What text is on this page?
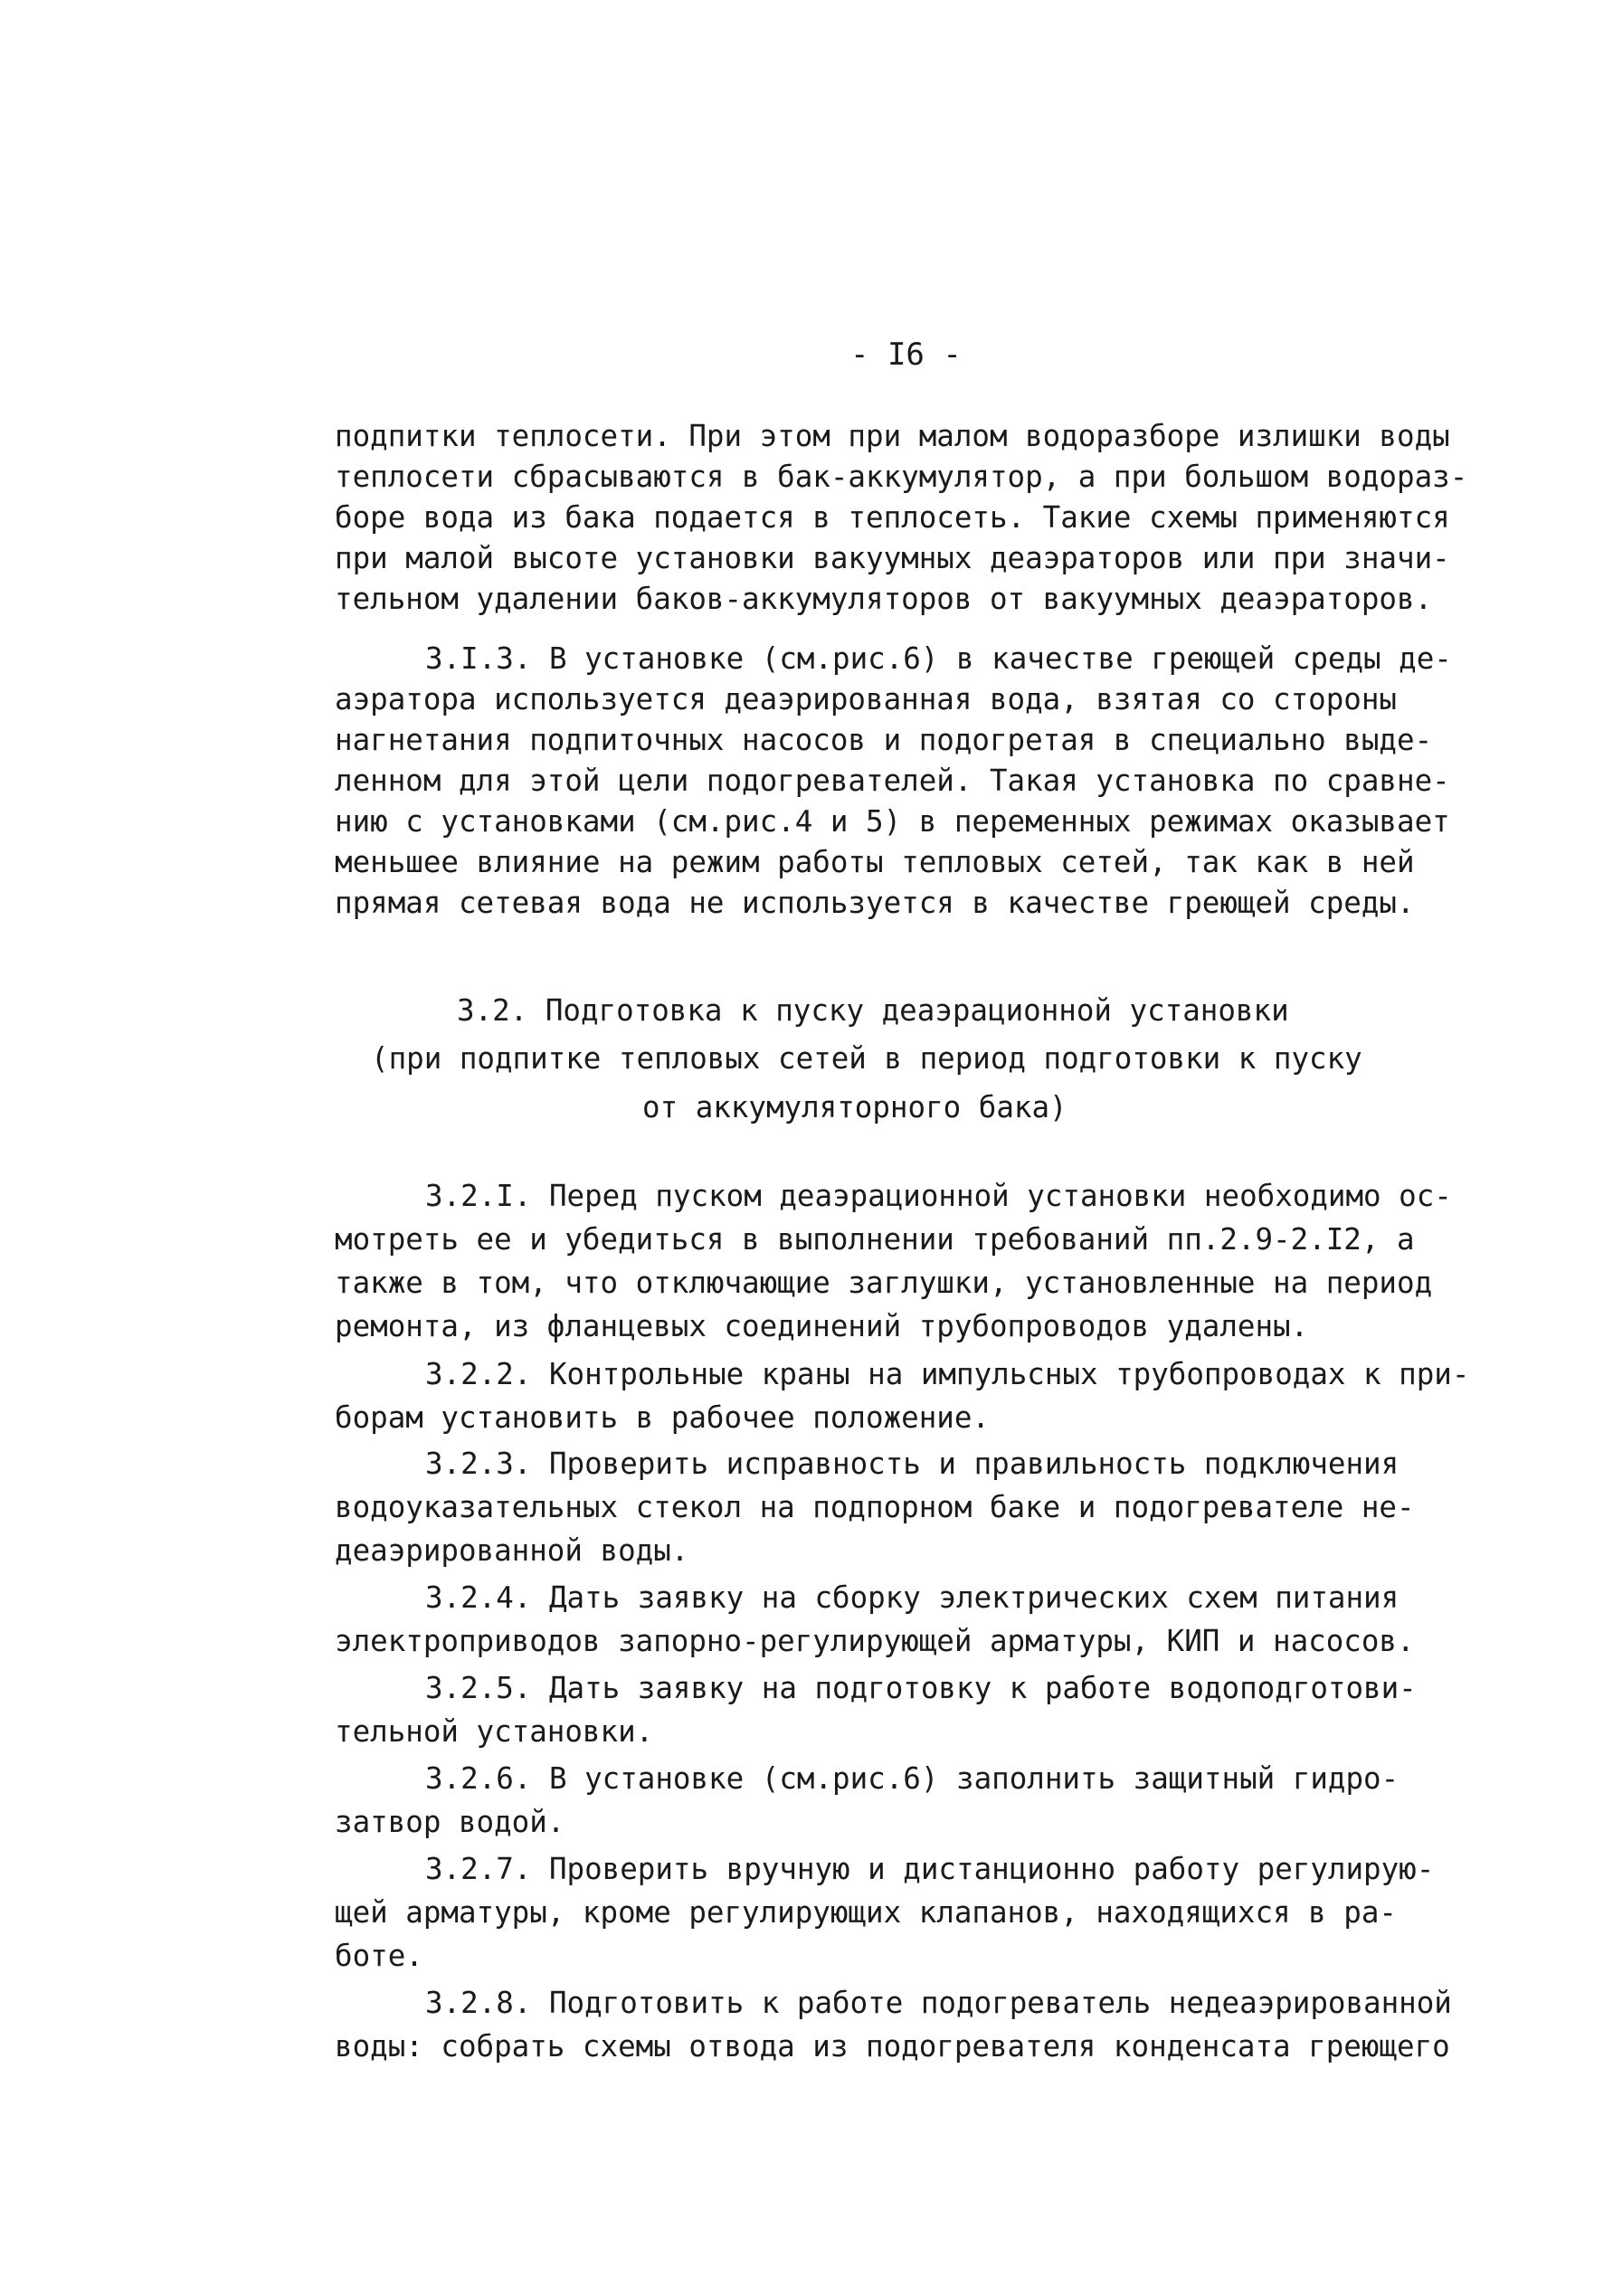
- I6 -
подпитки теплосети. При этом при малом водоразборе излишки воды
теплосети сбрасываются в бак-аккумулятор, а при большом водораз-
боре вода из бака подается в теплосеть. Такие схемы применяются
при малой высоте установки вакуумных деаэраторов или при значи-
тельном удалении баков-аккумуляторов от вакуумных деаэраторов.
3.I.3. В установке (см.рис.6) в качестве греющей среды де-
аэратора используется деаэрированная вода, взятая со стороны
нагнетания подпиточных насосов и подогретая в специально выде-
ленном для этой цели подогревателей. Такая установка по сравне-
нию с установками (см.рис.4 и 5) в переменных режимах оказывает
меньшее влияние на режим работы тепловых сетей, так как в ней
прямая сетевая вода не используется в качестве греющей среды.
3.2. Подготовка к пуску деаэрационной установки
(при подпитке тепловых сетей в период подготовки к пуску
от аккумуляторного бака)
3.2.I. Перед пуском деаэрационной установки необходимо ос-
мотреть ее и убедиться в выполнении требований пп.2.9-2.I2, а
также в том, что отключающие заглушки, установленные на период
ремонта, из фланцевых соединений трубопроводов удалены.
3.2.2. Контрольные краны на импульсных трубопроводах к при-
борам установить в рабочее положение.
3.2.3. Проверить исправность и правильность подключения
водоуказательных стекол на подпорном баке и подогревателе не-
деаэрированной воды.
3.2.4. Дать заявку на сборку электрических схем питания
электроприводов запорно-регулирующей арматуры, КИП и насосов.
3.2.5. Дать заявку на подготовку к работе водоподготови-
тельной установки.
3.2.6. В установке (см.рис.6) заполнить защитный гидро-
затвор водой.
3.2.7. Проверить вручную и дистанционно работу регулирую-
щей арматуры, кроме регулирующих клапанов, находящихся в ра-
боте.
3.2.8. Подготовить к работе подогреватель недеаэрированной
воды: собрать схемы отвода из подогревателя конденсата греющего
